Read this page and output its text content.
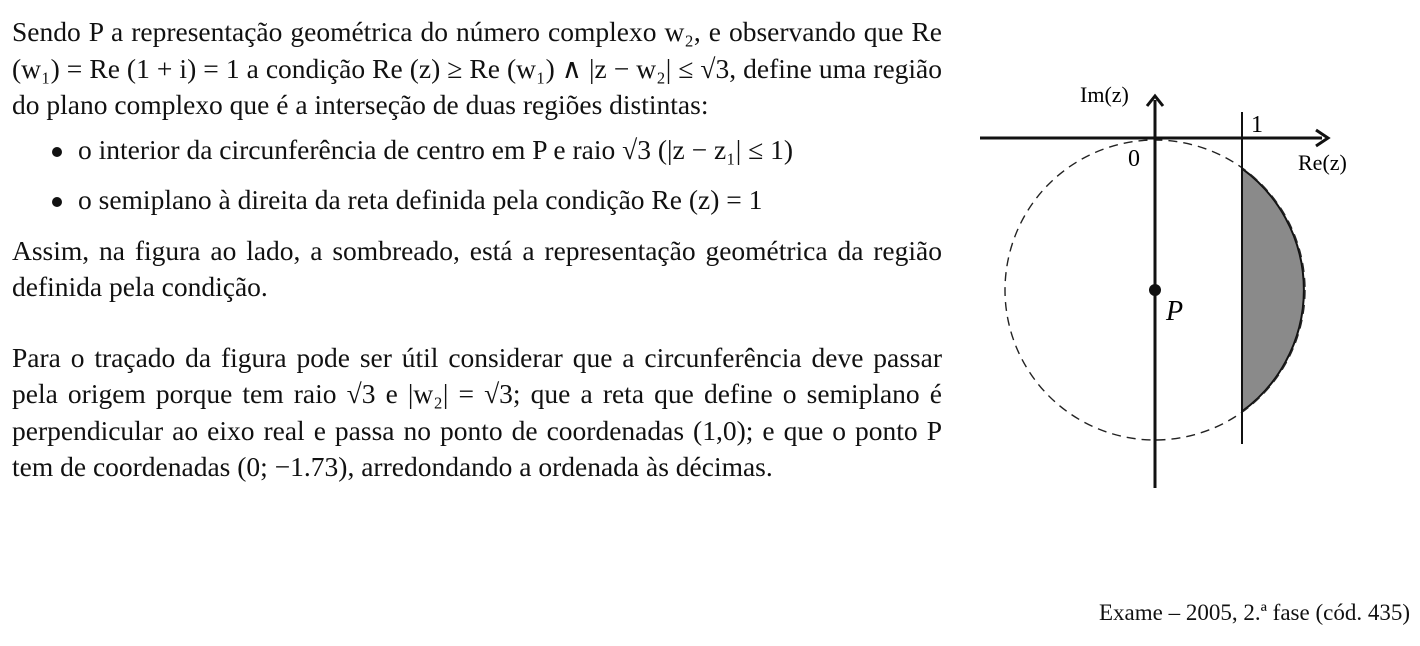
Sendo P a representação geométrica do número complexo w₂, e observando que Re (w₁) = Re (1 + i) = 1 a condição Re (z) ≥ Re (w₁) ∧ |z − w₂| ≤ √3, define uma região do plano complexo que é a interseção de duas regiões distintas:

o interior da circunferência de centro em P e raio √3 (|z − z₁| ≤ 1)
o semiplano à direita da reta definida pela condição Re (z) = 1

Assim, na figura ao lado, a sombreado, está a representação geométrica da região definida pela condição.

Para o traçado da figura pode ser útil considerar que a circunferência deve passar pela origem porque tem raio √3 e |w₂| = √3; que a reta que define o semiplano é perpendicular ao eixo real e passa no ponto de coordenadas (1,0); e que o ponto P tem de coordenadas (0; −1.73), arredondando a ordenada às décimas.

Im(z)
Re(z)
0
1
P
Exame – 2005, 2.ª fase (cód. 435)
